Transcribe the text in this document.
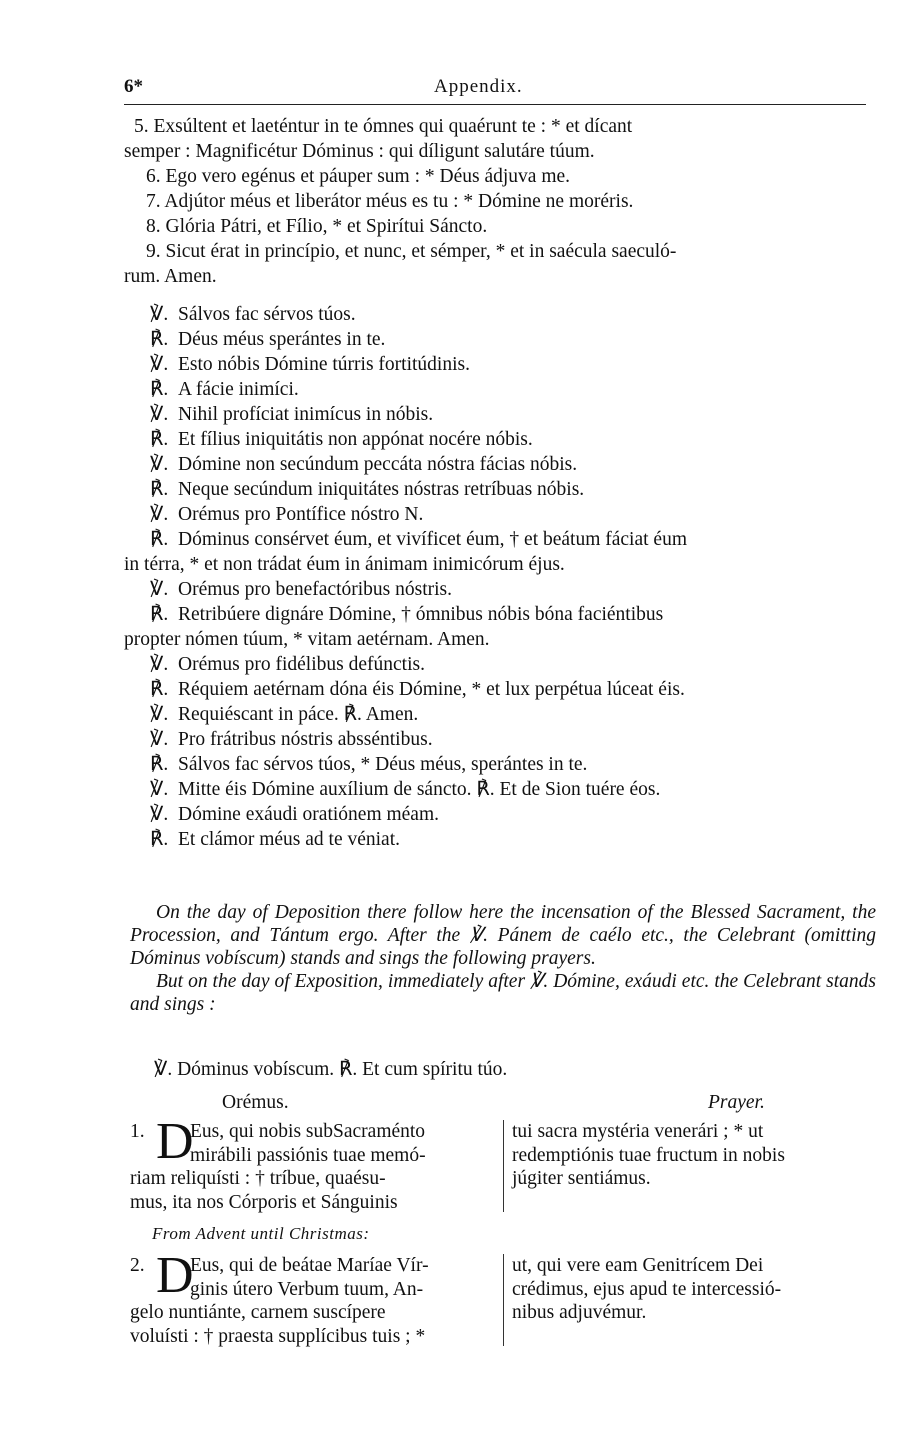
6*	Appendix.

5. Exsúltent et laeténtur in te ómnes qui quaérunt te : * et dícant

semper : Magnificétur Dóminus : qui díligunt salutáre túum.

6. Ego vero egénus et páuper sum : * Déus ádjuva me.

7. Adjútor méus et liberátor méus es tu : * Dómine ne moréris.

8. Glória Pátri, et Fílio, * et Spirítui Sáncto.

9. Sicut érat in princípio, et nunc, et sémper, * et in saécula saeculó-

rum. Amen.

℣. Sálvos fac sérvos túos.
℟. Déus méus sperántes in te.
℣. Esto nóbis Dómine túrris fortitúdinis.
℟. A fácie inimíci.
℣. Nihil profíciat inimícus in nóbis.
℟. Et fílius iniquitátis non appónat nocére nóbis.
℣. Dómine non secúndum peccáta nóstra fácias nóbis.
℟. Neque secúndum iniquitátes nóstras retríbuas nóbis.
℣. Orémus pro Pontífice nóstro N.
℟. Dóminus consérvet éum, et vivíficet éum, † et beátum fáciat éum
in térra, * et non trádat éum in ánimam inimicórum éjus.
℣. Orémus pro benefactóribus nóstris.
℟. Retribúere dignáre Dómine, † ómnibus nóbis bóna faciéntibus
propter nómen túum, * vitam aetérnam. Amen.
℣. Orémus pro fidélibus defúnctis.
℟. Réquiem aetérnam dóna éis Dómine, * et lux perpétua lúceat éis.
℣. Requiéscant in páce. ℟. Amen.
℣. Pro frátribus nóstris absséntibus.
℟. Sálvos fac sérvos túos, * Déus méus, sperántes in te.
℣. Mitte éis Dómine auxílium de sáncto. ℟. Et de Sion tuére éos.
℣. Dómine exáudi oratiónem méam.
℟. Et clámor méus ad te véniat.

On the day of Deposition there follow here the incensation of the Blessed Sacrament, the Procession, and Tántum ergo. After the ℣. Pánem de caélo etc., the Celebrant (omitting Dóminus vobíscum) stands and sings the following prayers.

But on the day of Exposition, immediately after ℣. Dómine, exáudi etc. the Celebrant stands and sings :

℣. Dóminus vobíscum. ℟. Et cum spíritu túo.
Orémus.	Prayer.
1. D
Eus, qui nobis subSacraménto
mirábili passiónis tuae memó-
riam reliquísti : † tríbue, quaésu-
mus, ita nos Córporis et Sánguinis
tui sacra mystéria venerári ; * ut
redemptiónis tuae fructum in nobis
júgiter sentiámus.
From Advent until Christmas:
2. D
Eus, qui de beátae Maríae Vír-
ginis útero Verbum tuum, An-
gelo nuntiánte, carnem suscípere
voluísti : † praesta supplícibus tuis ; *
ut, qui vere eam Genitrícem Dei
crédimus, ejus apud te intercessió-
nibus adjuvémur.
